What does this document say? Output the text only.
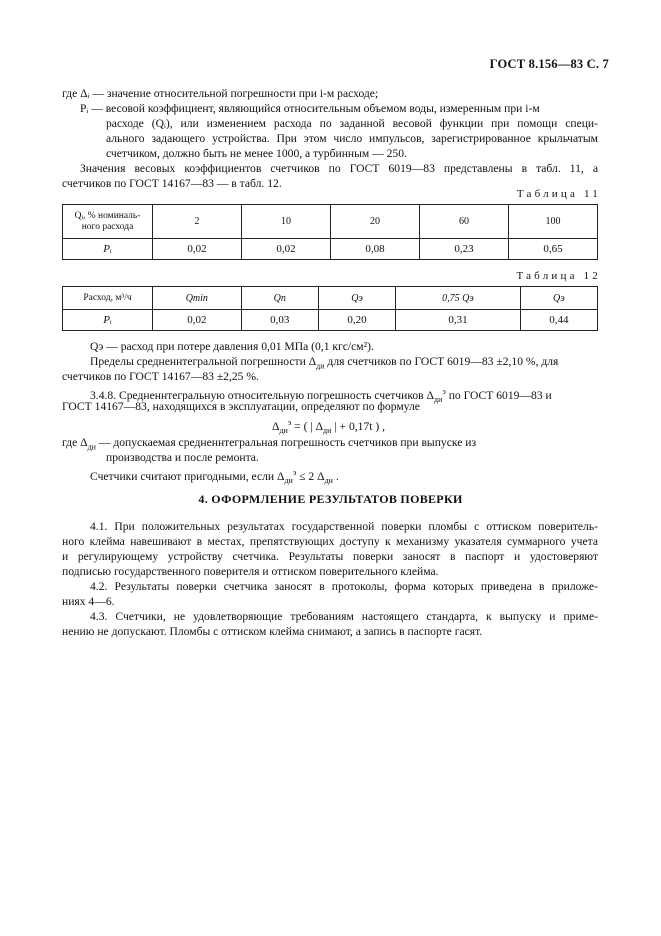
ГОСТ 8.156—83 С. 7
где Δᵢ — значение относительной погрешности при i-м расходе;
Pᵢ — весовой коэффициент, являющийся относительным объемом воды, измеренным при i-м
расходе (Qᵢ), или изменением расхода по заданной весовой функции при помощи специ-
ального задающего устройства. При этом число импульсов, зарегистрированное крыльчатым
счетчиком, должно быть не менее 1000, а турбинным — 250.
Значения весовых коэффициентов счетчиков по ГОСТ 6019—83 представлены в табл. 11, а
счетчиков по ГОСТ 14167—83 — в табл. 12.
Таблица 11
Qᵢ, % номиналь-
ного расхода	2	10	20	60	100
Pᵢ	0,02	0,02	0,08	0,23	0,65
Таблица 12
Расход, м³/ч	Qmin	Qп	Qэ	0,75 Qэ	Qэ
Pᵢ	0,02	0,03	0,20	0,31	0,44
Qэ — расход при потере давления 0,01 МПа (0,1 кгс/см²).
Пределы средненнтегральной погрешности $\Delta_{ди}$ для счетчиков по ГОСТ 6019—83 ±2,10 %, для
счетчиков по ГОСТ 14167—83 ±2,25 %.
3.4.8. Средненнтегральную относительную погрешность счетчиков $\Delta_{ди}^э$ по ГОСТ 6019—83 и
ГОСТ 14167—83, находящихся в эксплуатации, определяют по формуле
$\Delta_{ди}^э$ = ( | $\Delta_{ди}$ | + 0,17t ) ,
где $\Delta_{ди}$ — допускаемая средненнтегральная погрешность счетчиков при выпуске из
производства и после ремонта.
Счетчики считают пригодными, если $\Delta_{ди}^э \le 2$ $\Delta_{ди}$ .
4. ОФОРМЛЕНИЕ РЕЗУЛЬТАТОВ ПОВЕРКИ
4.1. При положительных результатах государственной поверки пломбы с оттиском поверитель-
ного клейма навешивают в местах, препятствующих доступу к механизму указателя суммарного учета
и регулирующему устройству счетчика. Результаты поверки заносят в паспорт и удостоверяют
подписью государственного поверителя и оттиском поверительного клейма.
4.2. Результаты поверки счетчика заносят в протоколы, форма которых приведена в приложе-
ниях 4—6.
4.3. Счетчики, не удовлетворяющие требованиям настоящего стандарта, к выпуску и приме-
нению не допускают. Пломбы с оттиском клейма снимают, а запись в паспорте гасят.
